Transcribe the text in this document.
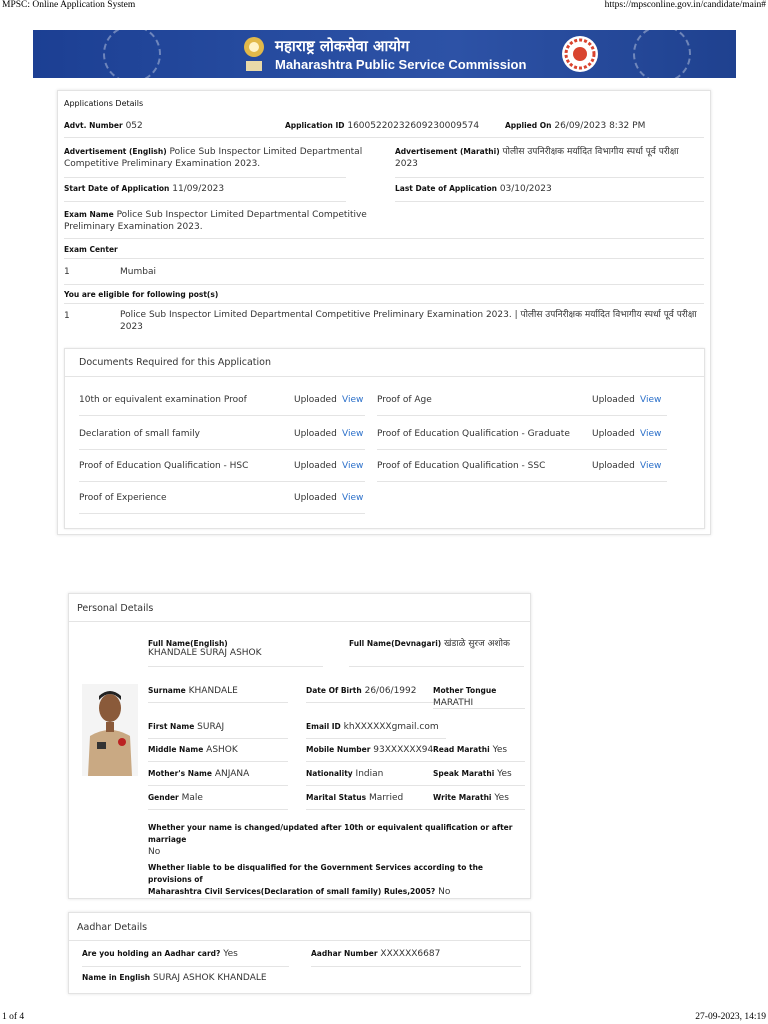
MPSC: Online Application System	https://mpsconline.gov.in/candidate/main#
महाराष्ट्र लोकसेवा आयोग
Maharashtra Public Service Commission
Applications Details
Advt. Number 052	Application ID 16005220232609230009574	Applied On 26/09/2023 8:32 PM
Advertisement (English) Police Sub Inspector Limited Departmental Competitive Preliminary Examination 2023.
Advertisement (Marathi) पोलीस उपनिरीक्षक मर्यादित विभागीय स्पर्धा पूर्व परीक्षा 2023
Start Date of Application 11/09/2023	Last Date of Application 03/10/2023
Exam Name Police Sub Inspector Limited Departmental Competitive Preliminary Examination 2023.
Exam Center
1	Mumbai
You are eligible for following post(s)
1	Police Sub Inspector Limited Departmental Competitive Preliminary Examination 2023. | पोलीस उपनिरीक्षक मर्यादित विभागीय स्पर्धा पूर्व परीक्षा 2023
Documents Required for this Application
10th or equivalent examination Proof	Uploaded View
Declaration of small family	Uploaded View
Proof of Education Qualification - HSC	Uploaded View
Proof of Experience	Uploaded View
Proof of Age	Uploaded View
Proof of Education Qualification - Graduate Uploaded View
Proof of Education Qualification - SSC	Uploaded View
Personal Details
Full Name(English)
KHANDALE SURAJ ASHOK
Full Name(Devnagari) खंडाळे सुरज अशोक
Surname KHANDALE	Date Of Birth 26/06/1992	Mother Tongue
MARATHI
First Name SURAJ	Email ID khXXXXXXgmail.com
Middle Name ASHOK	Mobile Number 93XXXXXX94 Read Marathi Yes
Mother's Name ANJANA	Nationality Indian	Speak Marathi Yes
Gender Male	Marital Status Married	Write Marathi Yes
Whether your name is changed/updated after 10th or equivalent qualification or after marriage
No
Whether liable to be disqualified for the Government Services according to the provisions of
Maharashtra Civil Services(Declaration of small family) Rules,2005? No
Aadhar Details
Are you holding an Aadhar card? Yes	Aadhar Number XXXXXX6687
Name in English SURAJ ASHOK KHANDALE
1 of 4	27-09-2023, 14:19
